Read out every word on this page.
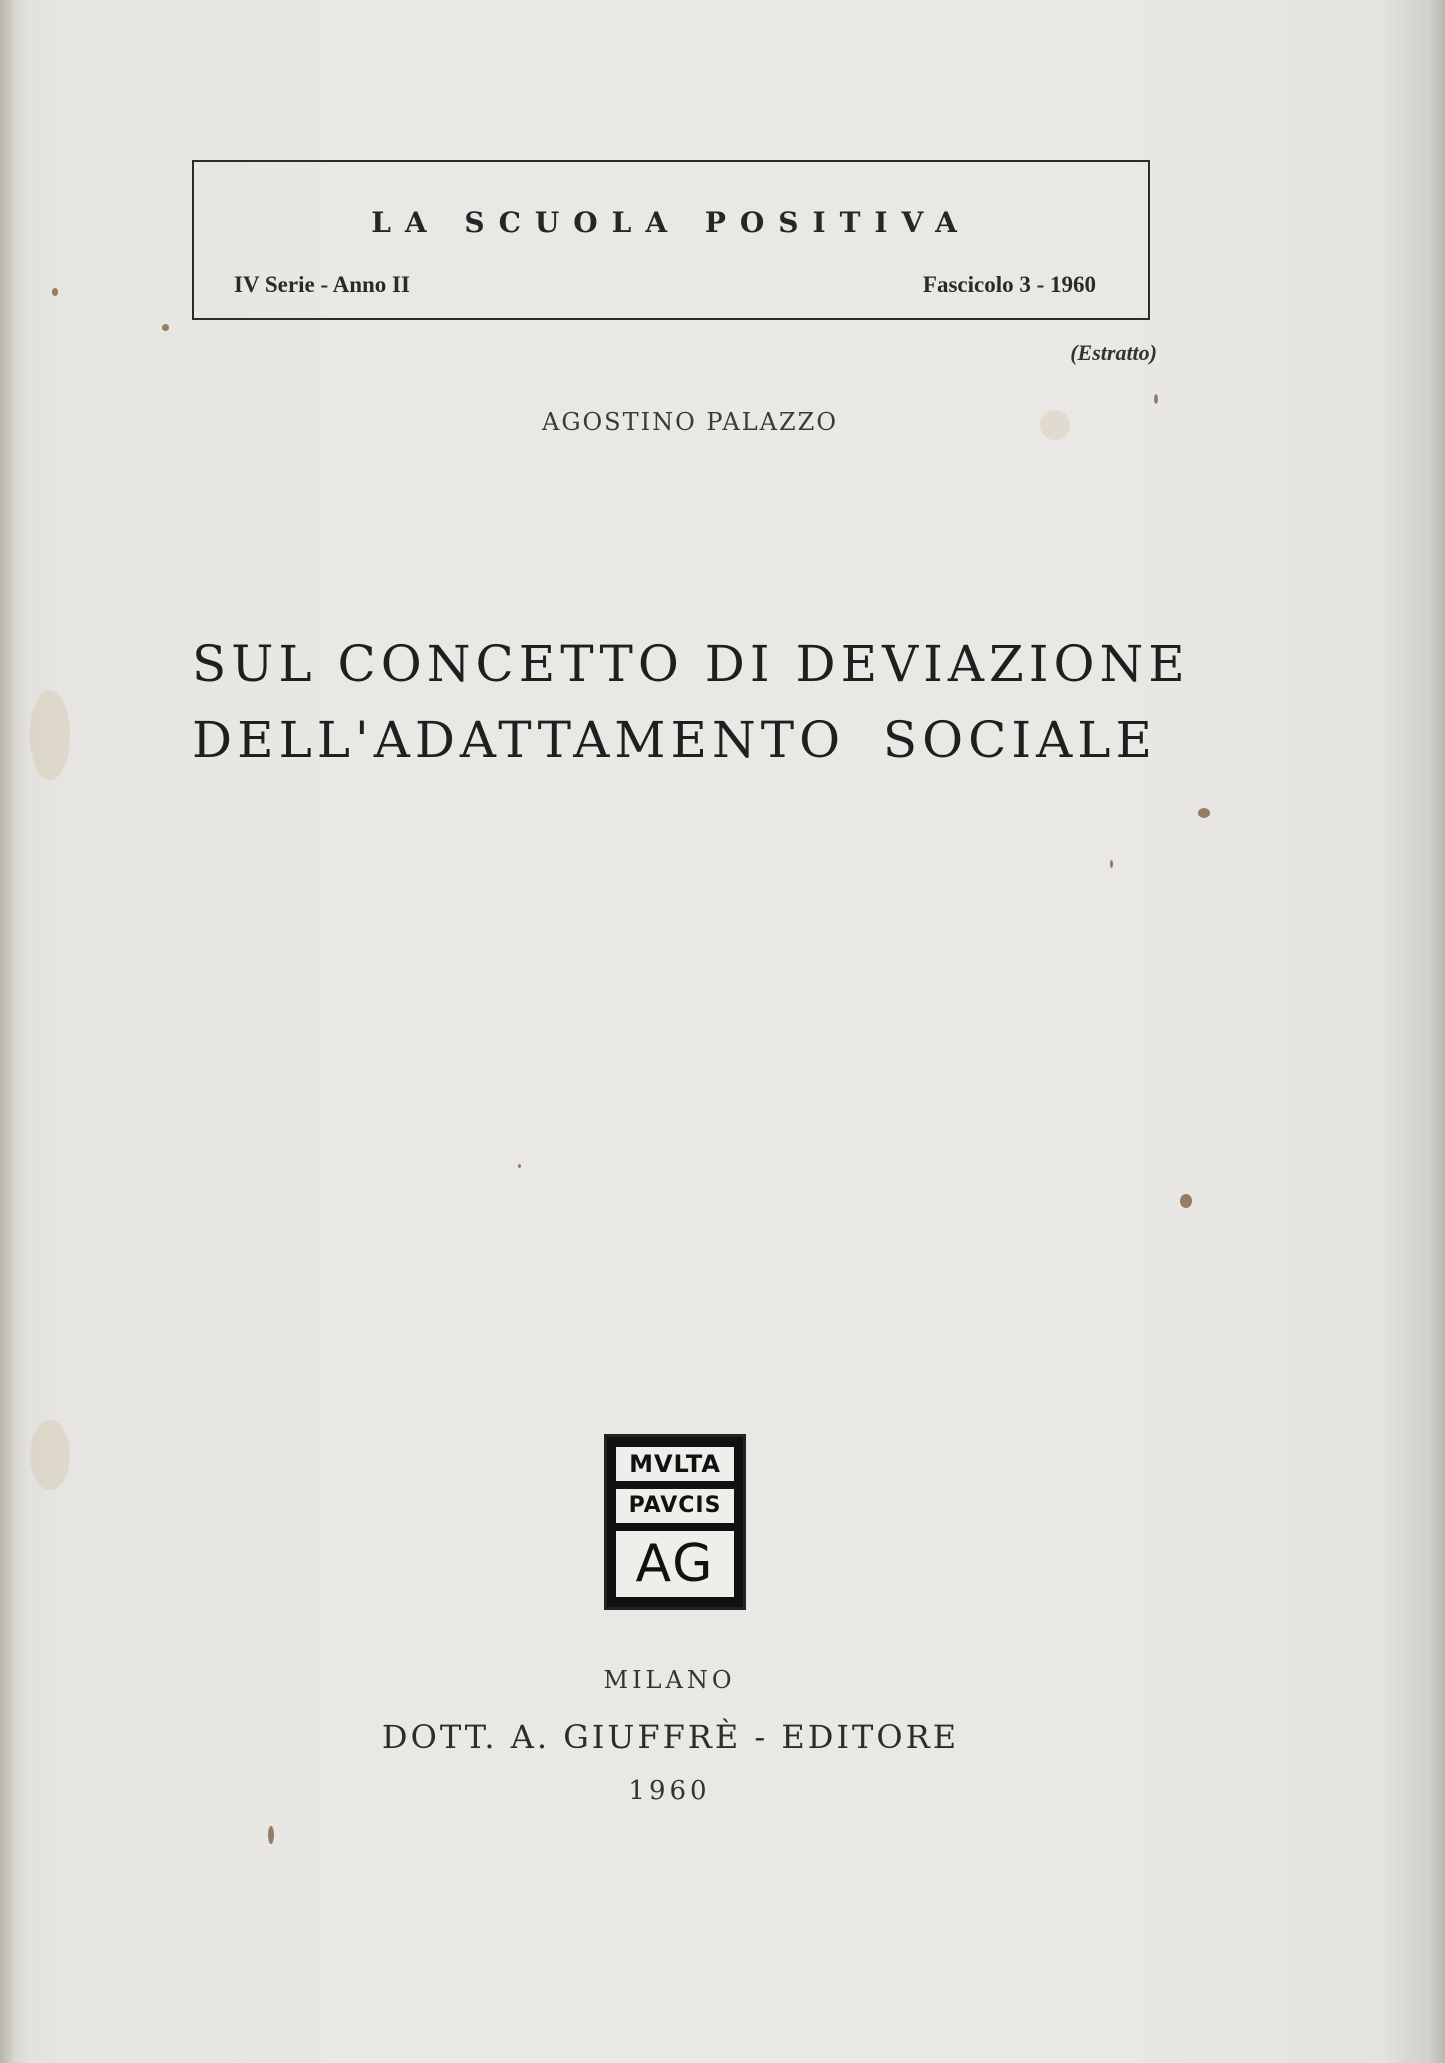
LA SCUOLA POSITIVA
IV Serie - Anno II	Fascicolo 3 - 1960
(Estratto)
AGOSTINO PALAZZO
SUL CONCETTO DI DEVIAZIONE
DELL'ADATTAMENTO SOCIALE
MVLTA
PAVCIS
AG
MILANO
DOTT. A. GIUFFRÈ - EDITORE
1960
